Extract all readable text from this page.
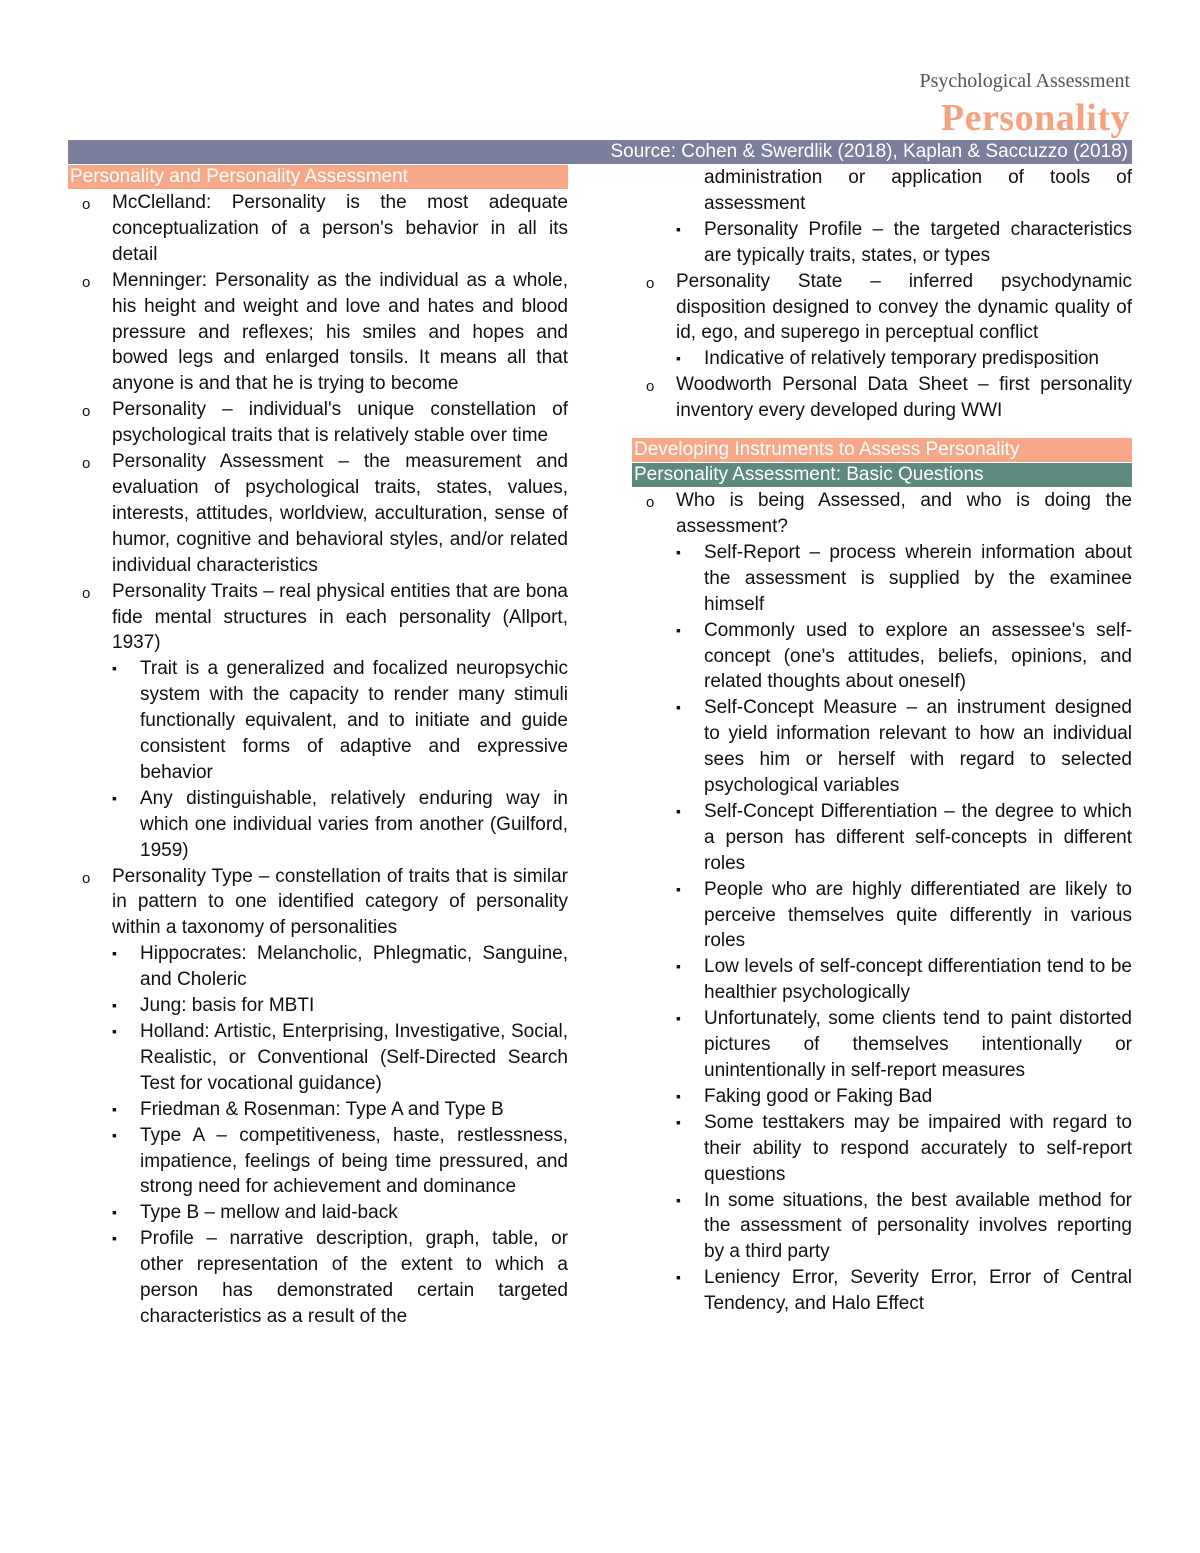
Psychological Assessment
Personality
Source: Cohen & Swerdlik (2018), Kaplan & Saccuzzo (2018)
Personality and Personality Assessment

o McClelland: Personality is the most adequate conceptualization of a person's behavior in all its detail

o Menninger: Personality as the individual as a whole, his height and weight and love and hates and blood pressure and reflexes; his smiles and hopes and bowed legs and enlarged tonsils. It means all that anyone is and that he is trying to become

o Personality – individual's unique constellation of psychological traits that is relatively stable over time

o Personality Assessment – the measurement and evaluation of psychological traits, states, values, interests, attitudes, worldview, acculturation, sense of humor, cognitive and behavioral styles, and/or related individual characteristics

o Personality Traits – real physical entities that are bona fide mental structures in each personality (Allport, 1937)

▪ Trait is a generalized and focalized neuropsychic system with the capacity to render many stimuli functionally equivalent, and to initiate and guide consistent forms of adaptive and expressive behavior

▪ Any distinguishable, relatively enduring way in which one individual varies from another (Guilford, 1959)

o Personality Type – constellation of traits that is similar in pattern to one identified category of personality within a taxonomy of personalities

▪ Hippocrates: Melancholic, Phlegmatic, Sanguine, and Choleric

▪ Jung: basis for MBTI

▪ Holland: Artistic, Enterprising, Investigative, Social, Realistic, or Conventional (Self-Directed Search Test for vocational guidance)

▪ Friedman & Rosenman: Type A and Type B

▪ Type A – competitiveness, haste, restlessness, impatience, feelings of being time pressured, and strong need for achievement and dominance

▪ Type B – mellow and laid-back

▪ Profile – narrative description, graph, table, or other representation of the extent to which a person has demonstrated certain targeted characteristics as a result of the

administration or application of tools of assessment

▪ Personality Profile – the targeted characteristics are typically traits, states, or types

o Personality State – inferred psychodynamic disposition designed to convey the dynamic quality of id, ego, and superego in perceptual conflict

▪ Indicative of relatively temporary predisposition

o Woodworth Personal Data Sheet – first personality inventory every developed during WWI

Developing Instruments to Assess Personality
Personality Assessment: Basic Questions

o Who is being Assessed, and who is doing the assessment?

▪ Self-Report – process wherein information about the assessment is supplied by the examinee himself

▪ Commonly used to explore an assessee's self-concept (one's attitudes, beliefs, opinions, and related thoughts about oneself)

▪ Self-Concept Measure – an instrument designed to yield information relevant to how an individual sees him or herself with regard to selected psychological variables

▪ Self-Concept Differentiation – the degree to which a person has different self-concepts in different roles

▪ People who are highly differentiated are likely to perceive themselves quite differently in various roles

▪ Low levels of self-concept differentiation tend to be healthier psychologically

▪ Unfortunately, some clients tend to paint distorted pictures of themselves intentionally or unintentionally in self-report measures

▪ Faking good or Faking Bad

▪ Some testtakers may be impaired with regard to their ability to respond accurately to self-report questions

▪ In some situations, the best available method for the assessment of personality involves reporting by a third party

▪ Leniency Error, Severity Error, Error of Central Tendency, and Halo Effect
